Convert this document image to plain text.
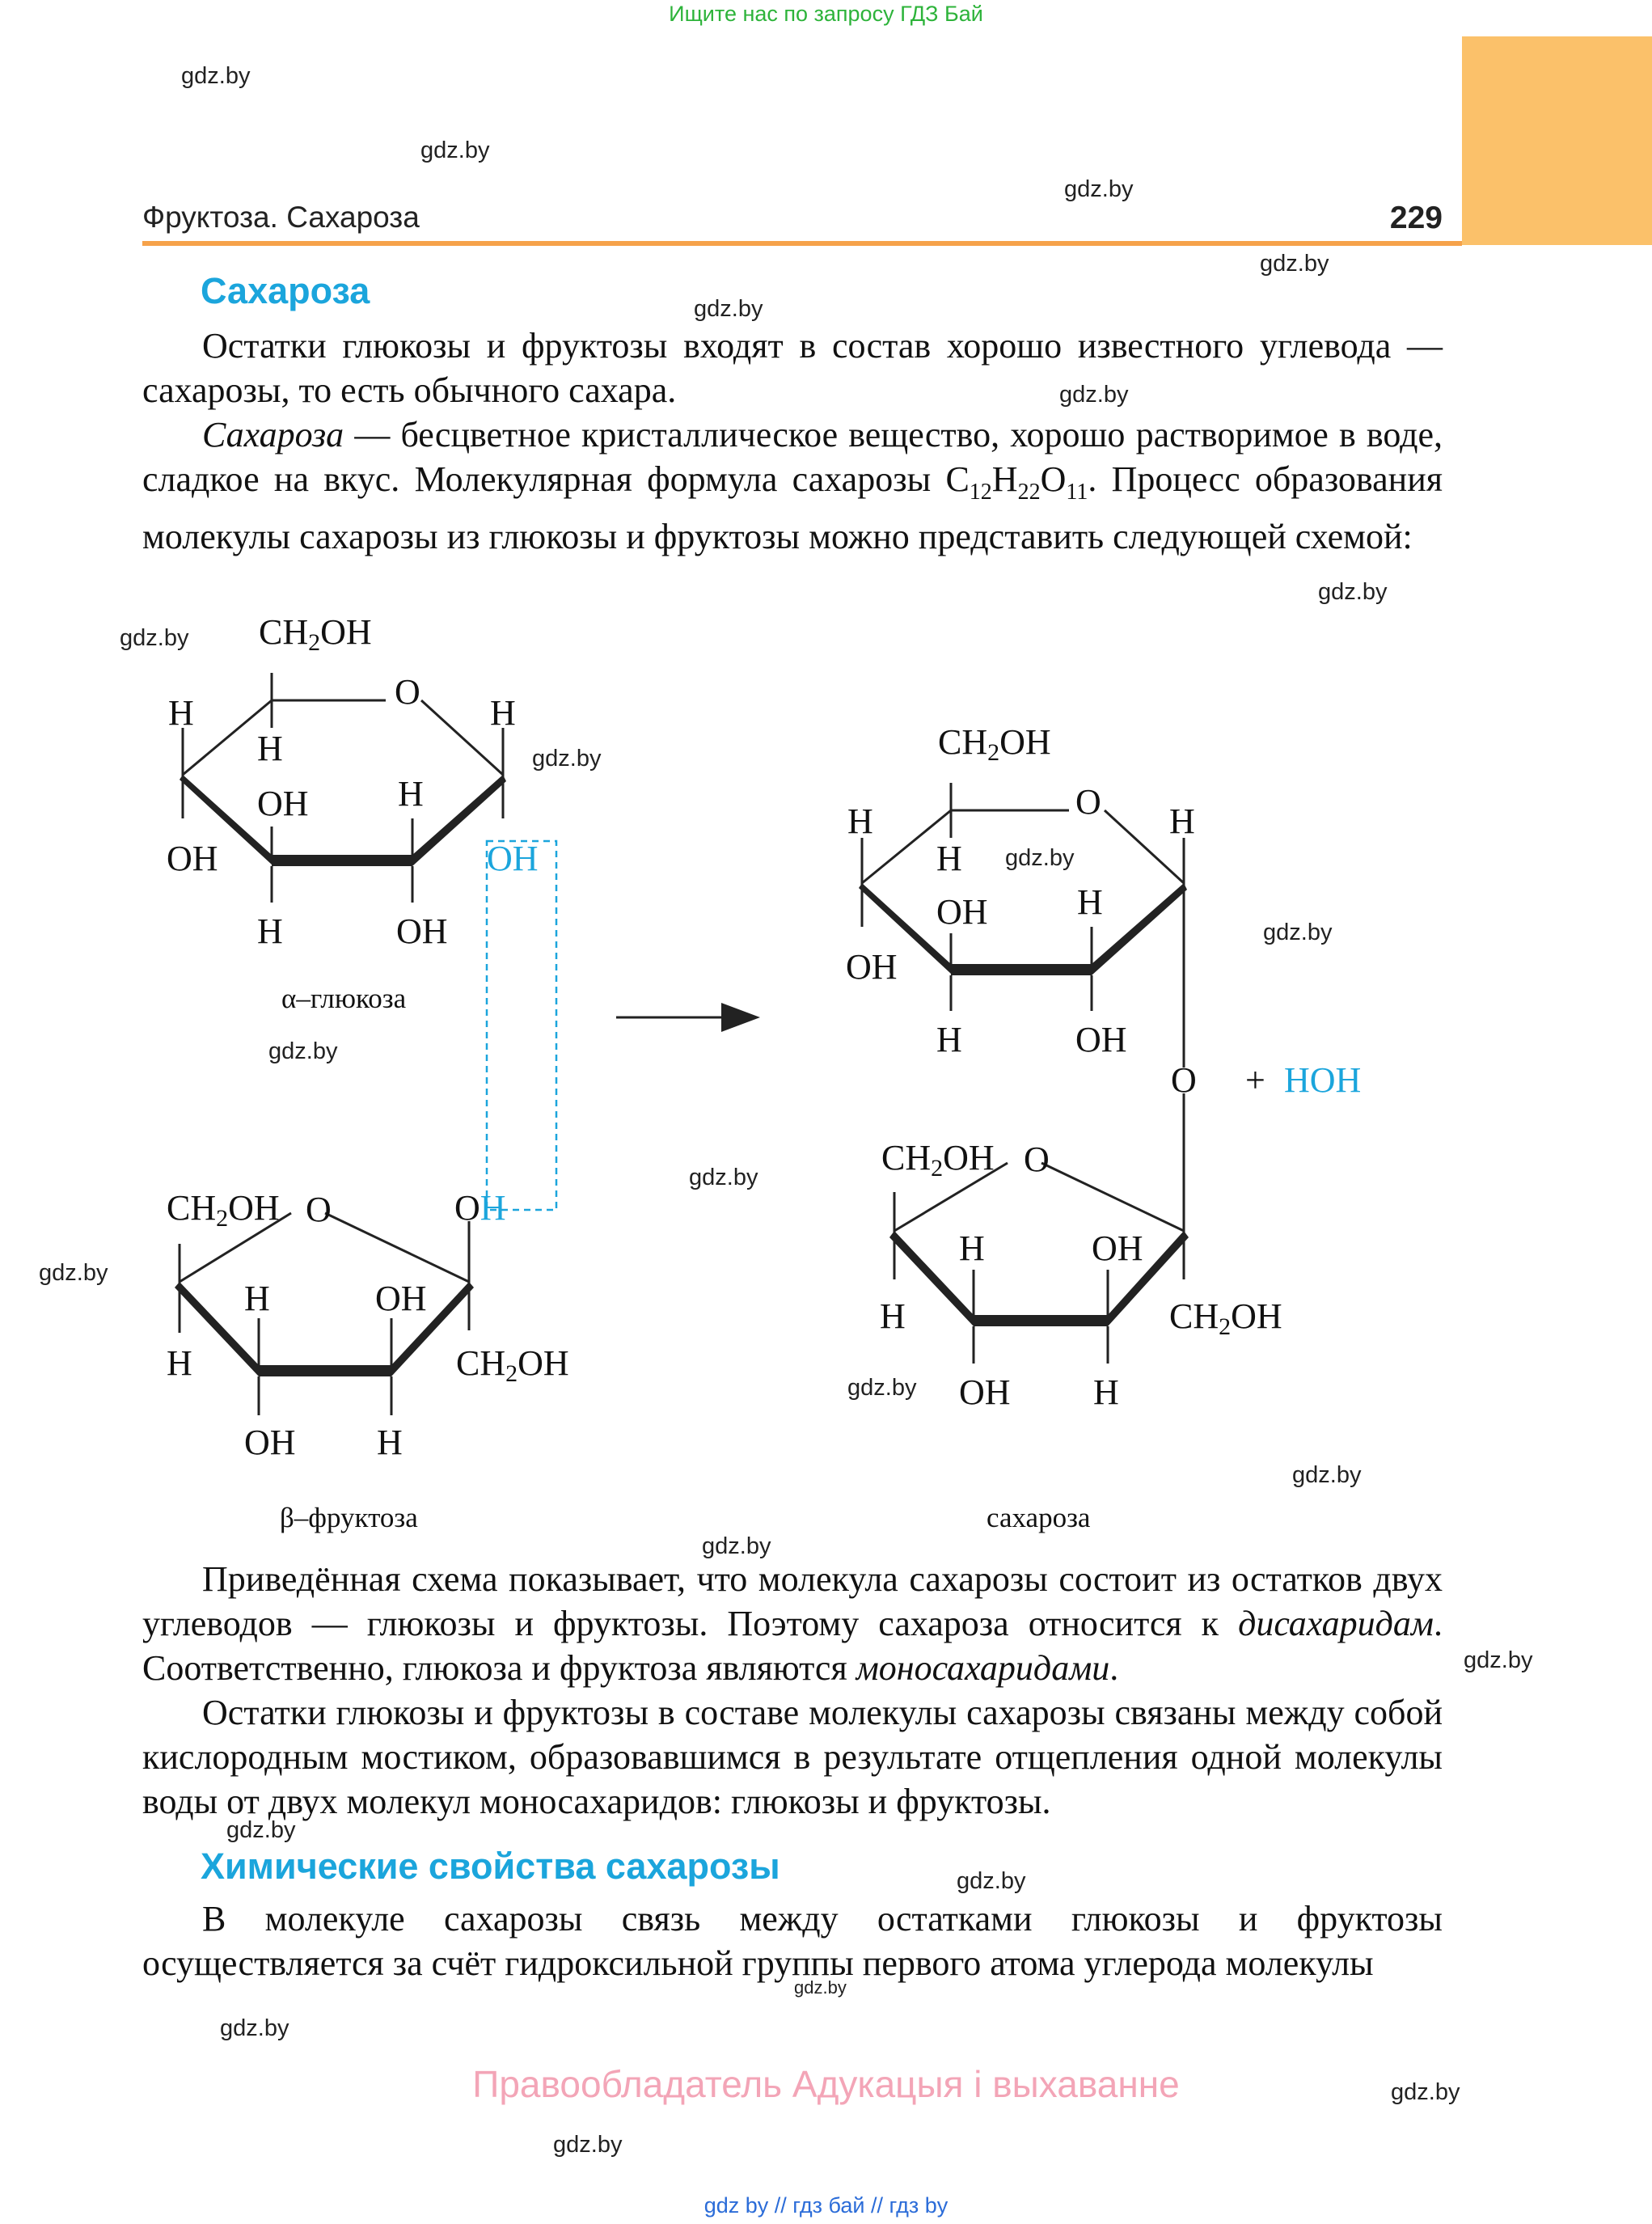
Ищите нас по запросу ГДЗ Бай
gdz.by
gdz.by
gdz.by
gdz.by
gdz.by
gdz.by
gdz.by
gdz.by
gdz.by
gdz.by
gdz.by
gdz.by
gdz.by
gdz.by
gdz.by
gdz.by
gdz.by
gdz.by
gdz.by
gdz.by
gdz.by
gdz.by
gdz.by
gdz.by
Фруктоза. Сахароза	229
Сахароза

Остатки глюкозы и фруктозы входят в состав хорошо известного углевода — сахарозы, то есть обычного сахара.

Сахароза — бесцветное кристаллическое вещество, хорошо растворимое в воде, сладкое на вкус. Молекулярная формула сахарозы $C_{12}H_{22}O_{11}$. Процесс образования молекулы сахарозы из глюкозы и фруктозы можно представить следующей схемой:

CH2OH
O
H	H
H
OH	H
OH	OH
H	OH
α–глюкоза
CH2OH O	OH
H	OH
H	CH2OH
OH H
β–фруктоза
CH2OH
O
H	H
H
OH	H
OH
H	OH
O + HOH
CH2OH O
H	OH
H	CH2OH
OH H
сахароза

Приведённая схема показывает, что молекула сахарозы состоит из остатков двух углеводов — глюкозы и фруктозы. Поэтому сахароза относится к дисахаридам. Соответственно, глюкоза и фруктоза являются моносахаридами.

Остатки глюкозы и фруктозы в составе молекулы сахарозы связаны между собой кислородным мостиком, образовавшимся в результате отщепления одной молекулы воды от двух молекул моносахаридов: глюкозы и фруктозы.

Химические свойства сахарозы

В молекуле сахарозы связь между остатками глюкозы и фруктозы осуществляется за счёт гидроксильной группы первого атома углерода молекулы

Правообладатель Адукацыя і выхаванне
gdz by // гдз бай // гдз by
